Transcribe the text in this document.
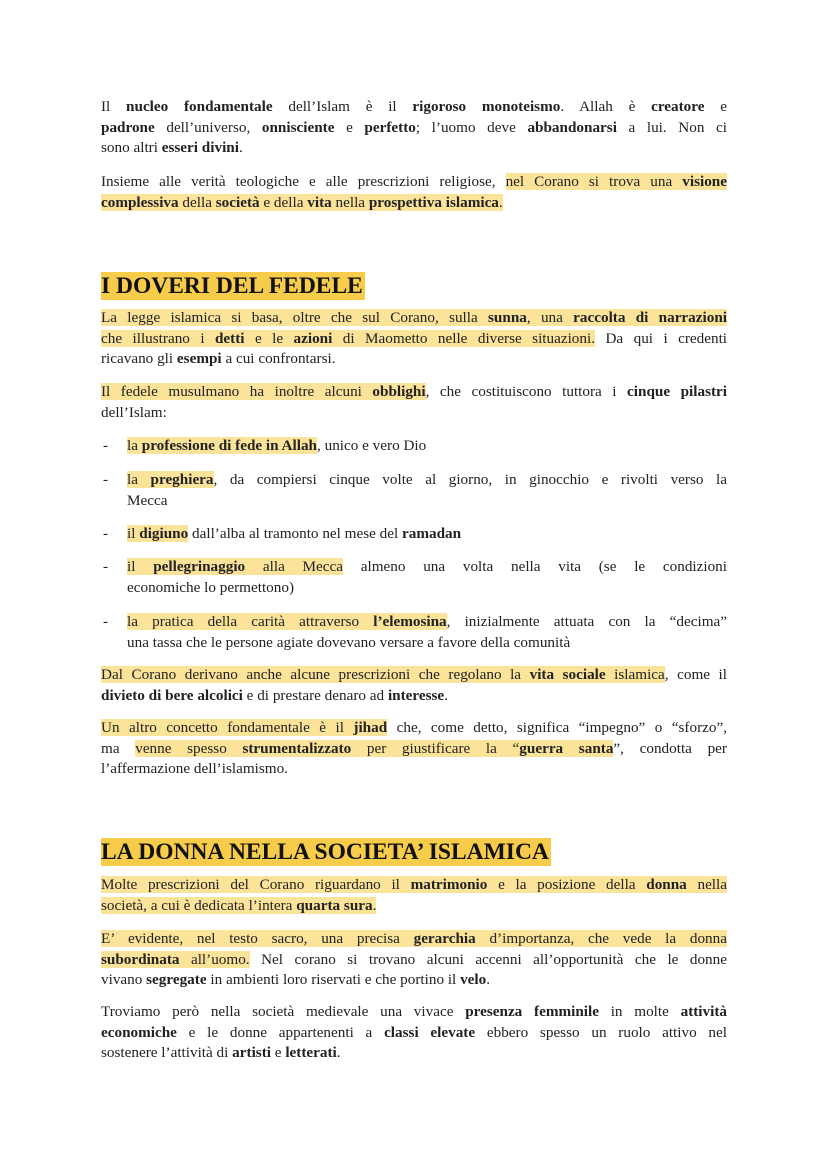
Il nucleo fondamentale dell’Islam è il rigoroso monoteismo. Allah è creatore e
padrone dell’universo, onnisciente e perfetto; l’uomo deve abbandonarsi a lui. Non ci
sono altri esseri divini.

Insieme alle verità teologiche e alle prescrizioni religiose, nel Corano si trova una visione
complessiva della società e della vita nella prospettiva islamica.

I DOVERI DEL FEDELE

La legge islamica si basa, oltre che sul Corano, sulla sunna, una raccolta di narrazioni
che illustrano i detti e le azioni di Maometto nelle diverse situazioni. Da qui i credenti
ricavano gli esempi a cui confrontarsi.

Il fedele musulmano ha inoltre alcuni obblighi, che costituiscono tuttora i cinque pilastri
dell’Islam:

- la professione di fede in Allah, unico e vero Dio
- la preghiera, da compiersi cinque volte al giorno, in ginocchio e rivolti verso la
Mecca
- il digiuno dall’alba al tramonto nel mese del ramadan
- il pellegrinaggio alla Mecca almeno una volta nella vita (se le condizioni
economiche lo permettono)
- la pratica della carità attraverso l’elemosina, inizialmente attuata con la “decima”
una tassa che le persone agiate dovevano versare a favore della comunità

Dal Corano derivano anche alcune prescrizioni che regolano la vita sociale islamica, come il
divieto di bere alcolici e di prestare denaro ad interesse.

Un altro concetto fondamentale è il jihad che, come detto, significa “impegno” o “sforzo”,
ma venne spesso strumentalizzato per giustificare la “guerra santa”, condotta per
l’affermazione dell’islamismo.

LA DONNA NELLA SOCIETA’ ISLAMICA

Molte prescrizioni del Corano riguardano il matrimonio e la posizione della donna nella
società, a cui è dedicata l’intera quarta sura.

E’ evidente, nel testo sacro, una precisa gerarchia d’importanza, che vede la donna
subordinata all’uomo. Nel corano si trovano alcuni accenni all’opportunità che le donne
vivano segregate in ambienti loro riservati e che portino il velo.

Troviamo però nella società medievale una vivace presenza femminile in molte attività
economiche e le donne appartenenti a classi elevate ebbero spesso un ruolo attivo nel
sostenere l’attività di artisti e letterati.
